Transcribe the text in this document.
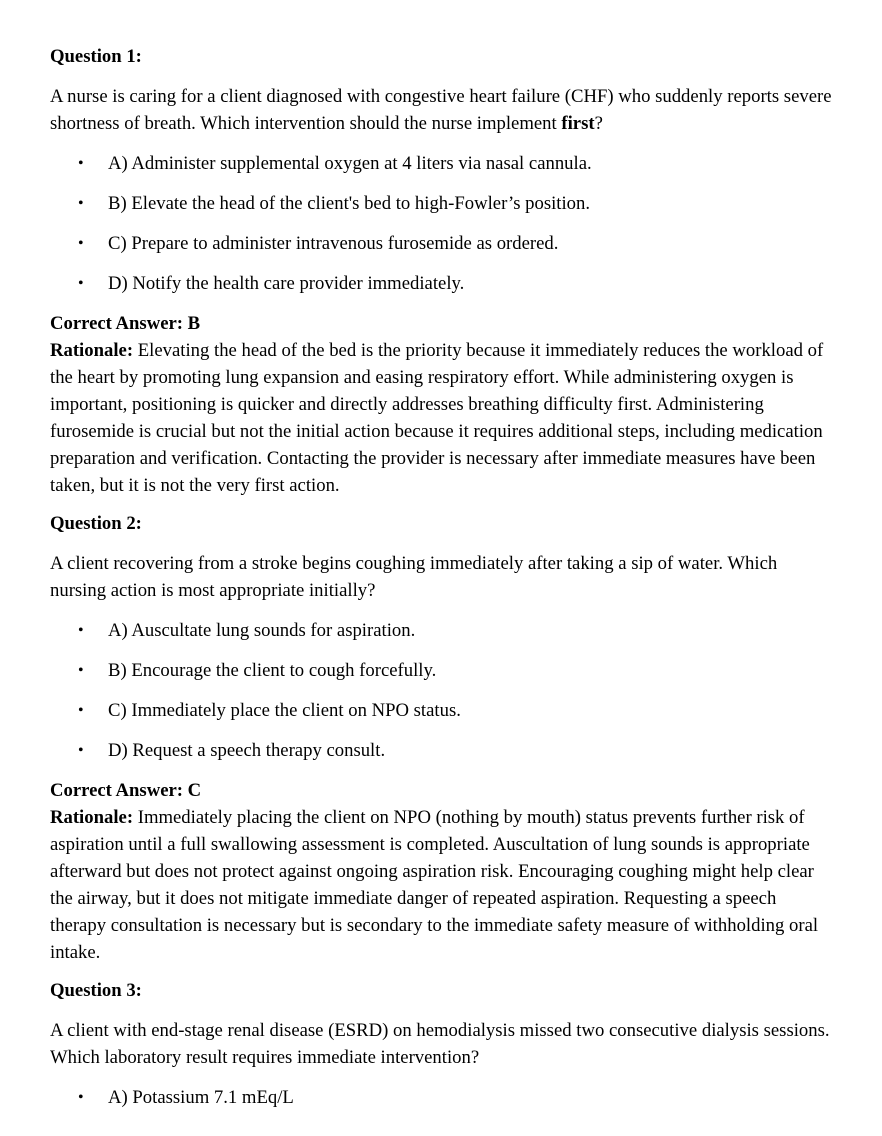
Question 1:

A nurse is caring for a client diagnosed with congestive heart failure (CHF) who suddenly reports severe shortness of breath. Which intervention should the nurse implement first?

• A) Administer supplemental oxygen at 4 liters via nasal cannula.
• B) Elevate the head of the client's bed to high-Fowler’s position.
• C) Prepare to administer intravenous furosemide as ordered.
• D) Notify the health care provider immediately.

Correct Answer: B

Rationale: Elevating the head of the bed is the priority because it immediately reduces the workload of the heart by promoting lung expansion and easing respiratory effort. While administering oxygen is important, positioning is quicker and directly addresses breathing difficulty first. Administering furosemide is crucial but not the initial action because it requires additional steps, including medication preparation and verification. Contacting the provider is necessary after immediate measures have been taken, but it is not the very first action.

Question 2:

A client recovering from a stroke begins coughing immediately after taking a sip of water. Which nursing action is most appropriate initially?

• A) Auscultate lung sounds for aspiration.
• B) Encourage the client to cough forcefully.
• C) Immediately place the client on NPO status.
• D) Request a speech therapy consult.

Correct Answer: C

Rationale: Immediately placing the client on NPO (nothing by mouth) status prevents further risk of aspiration until a full swallowing assessment is completed. Auscultation of lung sounds is appropriate afterward but does not protect against ongoing aspiration risk. Encouraging coughing might help clear the airway, but it does not mitigate immediate danger of repeated aspiration. Requesting a speech therapy consultation is necessary but is secondary to the immediate safety measure of withholding oral intake.

Question 3:

A client with end-stage renal disease (ESRD) on hemodialysis missed two consecutive dialysis sessions. Which laboratory result requires immediate intervention?

• A) Potassium 7.1 mEq/L
